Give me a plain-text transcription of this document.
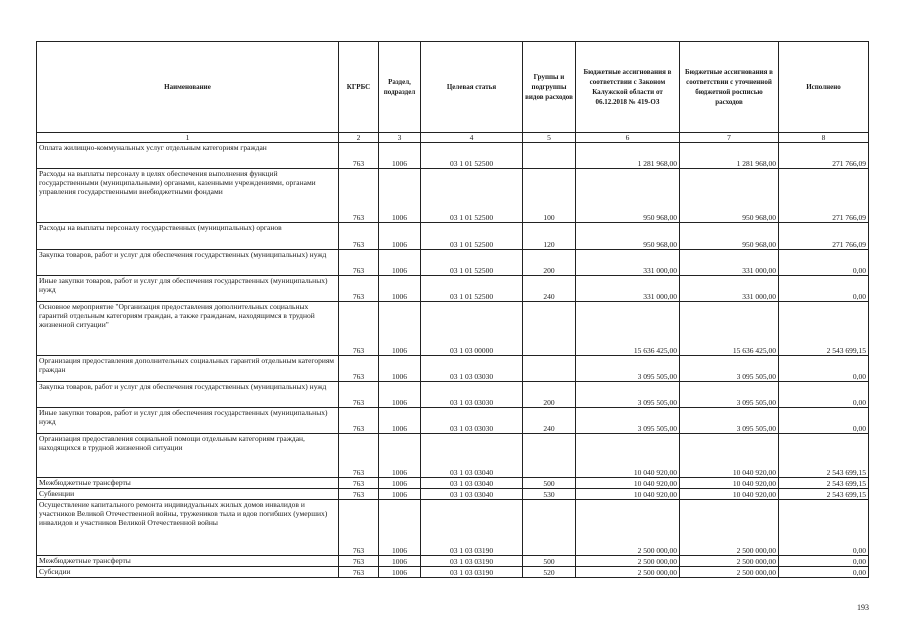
Наименование	КГРБС	Раздел, подраздел	Целевая статья	Группы и подгруппы видов расходов	Бюджетные ассигнования в соответствии с Законом Калужской области от 06.12.2018 № 419-ОЗ	Бюджетные ассигнования в соответствии с уточненной бюджетной росписью расходов	Исполнено
1	2	3	4	5	6	7	8
Оплата жилищно-коммунальных услуг отдельным категориям граждан	763	1006	03 1 01 52500		1 281 968,00	1 281 968,00	271 766,09
Расходы на выплаты персоналу в целях обеспечения выполнения функций государственными (муниципальными) органами, казенными учреждениями, органами управления государственными внебюджетными фондами	763	1006	03 1 01 52500	100	950 968,00	950 968,00	271 766,09
Расходы на выплаты персоналу государственных (муниципальных) органов	763	1006	03 1 01 52500	120	950 968,00	950 968,00	271 766,09
Закупка товаров, работ и услуг для обеспечения государственных (муниципальных) нужд	763	1006	03 1 01 52500	200	331 000,00	331 000,00	0,00
Иные закупки товаров, работ и услуг для обеспечения государственных (муниципальных) нужд	763	1006	03 1 01 52500	240	331 000,00	331 000,00	0,00
Основное мероприятие "Организация предоставления дополнительных социальных гарантий отдельным категориям граждан, а также гражданам, находящимся в трудной жизненной ситуации"	763	1006	03 1 03 00000		15 636 425,00	15 636 425,00	2 543 699,15
Организация предоставления дополнительных социальных гарантий отдельным категориям граждан	763	1006	03 1 03 03030		3 095 505,00	3 095 505,00	0,00
Закупка товаров, работ и услуг для обеспечения государственных (муниципальных) нужд	763	1006	03 1 03 03030	200	3 095 505,00	3 095 505,00	0,00
Иные закупки товаров, работ и услуг для обеспечения государственных (муниципальных) нужд	763	1006	03 1 03 03030	240	3 095 505,00	3 095 505,00	0,00
Организация предоставления социальной помощи отдельным категориям граждан, находящихся в трудной жизненной ситуации	763	1006	03 1 03 03040		10 040 920,00	10 040 920,00	2 543 699,15
Межбюджетные трансферты	763	1006	03 1 03 03040	500	10 040 920,00	10 040 920,00	2 543 699,15
Субвенции	763	1006	03 1 03 03040	530	10 040 920,00	10 040 920,00	2 543 699,15
Осуществление капитального ремонта индивидуальных жилых домов инвалидов и участников Великой Отечественной войны, тружеников тыла и вдов погибших (умерших) инвалидов и участников Великой Отечественной войны	763	1006	03 1 03 03190		2 500 000,00	2 500 000,00	0,00
Межбюджетные трансферты	763	1006	03 1 03 03190	500	2 500 000,00	2 500 000,00	0,00
Субсидии	763	1006	03 1 03 03190	520	2 500 000,00	2 500 000,00	0,00
193
